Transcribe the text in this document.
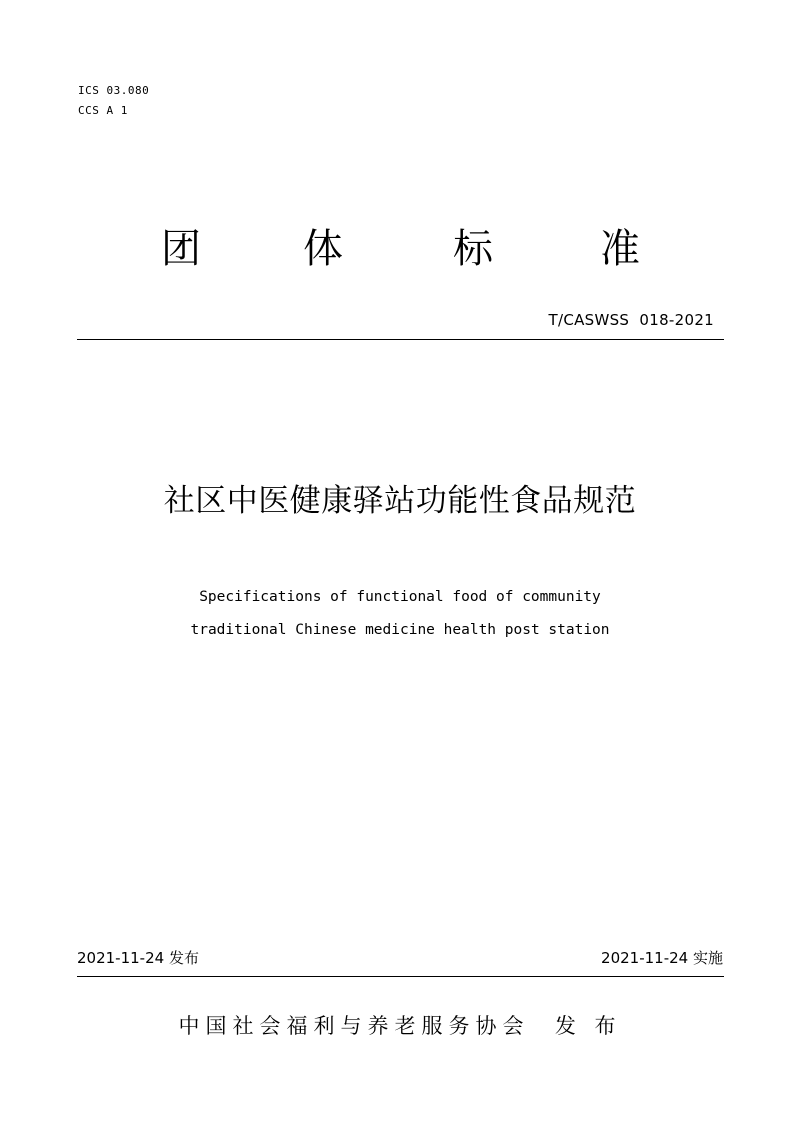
ICS 03.080
CCS A 1
团	体	标	准
T/CASWSS  018-2021
社区中医健康驿站功能性食品规范
Specifications of functional food of community
traditional Chinese medicine health post station
2021-11-24 发布	2021-11-24 实施
中国社会福利与养老服务协会  发 布
